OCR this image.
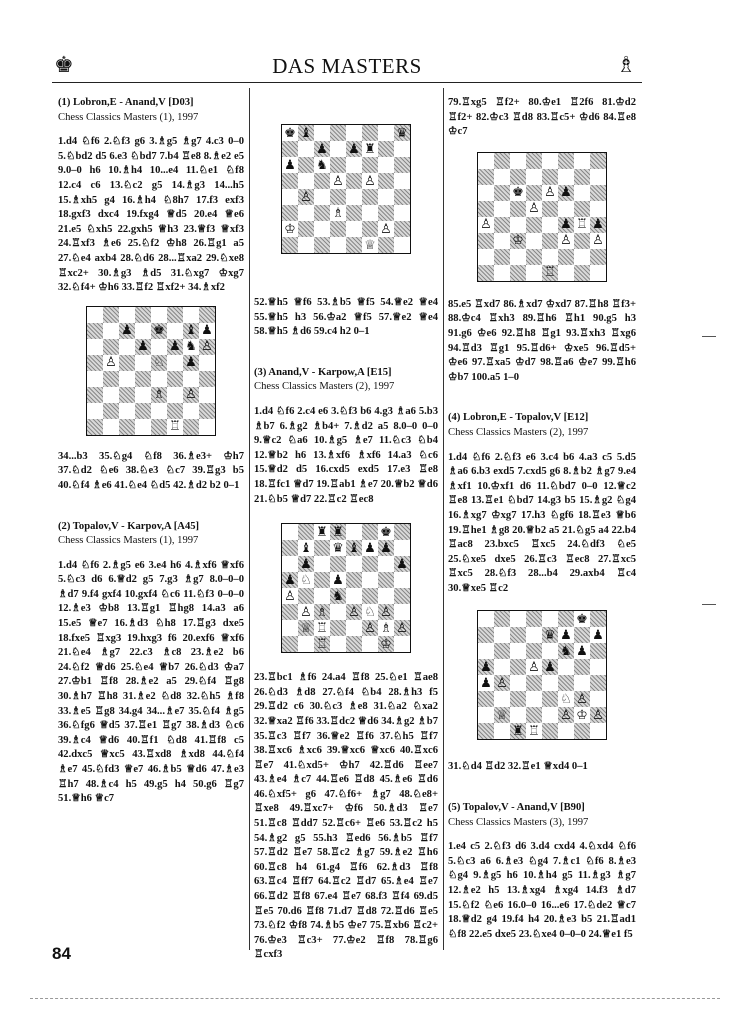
♚	DAS MASTERS	♗
(1) Lobron,E - Anand,V [D03]
Chess Classics Masters (1), 1997
1.d4 ♘f6 2.♘f3 g6 3.♗g5 ♗g7 4.c3 0–0 5.♘bd2 d5 6.e3 ♘bd7 7.b4 ♖e8 8.♗e2 e5 9.0–0 h6 10.♗h4 10...e4 11.♘e1 ♘f8 12.c4 c6 13.♘c2 g5 14.♗g3 14...h5 15.♗xh5 g4 16.♗h4 ♘8h7 17.f3 exf3 18.gxf3 dxc4 19.fxg4 ♕d5 20.e4 ♕e6 21.e5 ♘xh5 22.gxh5 ♕h3 23.♕f3 ♕xf3 24.♖xf3 ♗e6 25.♘f2 ♔h8 26.♖g1 a5 27.♘e4 axb4 28.♘d6 28...♖xa2 29.♘xe8 ♖xc2+ 30.♗g3 ♗d5 31.♘xg7 ♔xg7 32.♘f4+ ♔h6 33.♖f2 ♖xf2+ 34.♗xf2
♟ ♚ ♝ ♟
♟ ♟ ♞ ♙
♙	♘ ♟
♗ ♙
♖
34...b3 35.♘g4 ♘f8 36.♗e3+ ♔h7 37.♘d2 ♘e6 38.♘e3 ♘c7 39.♖g3 b5 40.♘f4 ♗e6 41.♘e4 ♘d5 42.♗d2 b2 0–1
(2) Topalov,V - Karpov,A [A45]
Chess Classics Masters (1), 1997
1.d4 ♘f6 2.♗g5 e6 3.e4 h6 4.♗xf6 ♕xf6 5.♘c3 d6 6.♕d2 g5 7.g3 ♗g7 8.0–0–0 ♗d7 9.f4 gxf4 10.gxf4 ♘c6 11.♘f3 0–0–0 12.♗e3 ♔b8 13.♖g1 ♖hg8 14.a3 a6 15.e5 ♕e7 16.♗d3 ♘h8 17.♖g3 dxe5 18.fxe5 ♖xg3 19.hxg3 f6 20.exf6 ♕xf6 21.♘e4 ♗g7 22.c3 ♗c8 23.♗e2 b6 24.♘f2 ♕d6 25.♘e4 ♕b7 26.♘d3 ♔a7 27.♔b1 ♖f8 28.♗e2 a5 29.♘f4 ♖g8 30.♗h7 ♖h8 31.♗e2 ♘d8 32.♘h5 ♗f8 33.♗e5 ♖g8 34.g4 34...♗e7 35.♘f4 ♗g5 36.♘fg6 ♕d5 37.♖e1 ♖g7 38.♗d3 ♘c6 39.♗c4 ♕d6 40.♖f1 ♘d8 41.♖f8 c5 42.dxc5 ♕xc5 43.♖xd8 ♗xd8 44.♘f4 ♗e7 45.♘fd3 ♕e7 46.♗b5 ♕d6 47.♗e3 ♖h7 48.♗c4 h5 49.g5 h4 50.g6 ♖g7 51.♕h6 ♕c7
♚ ♝	♛
♟ ♟ ♜
♟ ♞
♙ ♙
♙
♗
♔	♙
♕
52.♕h5 ♕f6 53.♗b5 ♕f5 54.♕e2 ♕e4 55.♕h5 h3 56.♔a2 ♕f5 57.♕e2 ♕e4 58.♕h5 ♗d6 59.c4 h2 0–1
(3) Anand,V - Karpow,A [E15]
Chess Classics Masters (2), 1997
1.d4 ♘f6 2.c4 e6 3.♘f3 b6 4.g3 ♗a6 5.b3 ♗b7 6.♗g2 ♗b4+ 7.♗d2 a5 8.0–0 0–0 9.♕c2 ♘a6 10.♗g5 ♗e7 11.♘c3 ♘b4 12.♕b2 h6 13.♗xf6 ♗xf6 14.a3 ♘c6 15.♕d2 d5 16.cxd5 exd5 17.e3 ♖e8 18.♖fc1 ♕d7 19.♖ab1 ♗e7 20.♕b2 ♕d6 21.♘b5 ♕d7 22.♖c2 ♖ec8
♜ ♜	♚
♝ ♛ ♝ ♟ ♟
♟	♟
♟ ♘ ♟
♙	♞
♙ ♗ ♙ ♘ ♙
♕ ♖	♙ ♗ ♙
♖	♔
23.♖bc1 ♗f6 24.a4 ♖f8 25.♘e1 ♖ae8 26.♘d3 ♗d8 27.♘f4 ♘b4 28.♗h3 f5 29.♖d2 c6 30.♘c3 ♗e8 31.♘a2 ♘xa2 32.♕xa2 ♖f6 33.♖dc2 ♕d6 34.♗g2 ♗b7 35.♖c3 ♖f7 36.♕e2 ♖f6 37.♘h5 ♖f7 38.♖xc6 ♗xc6 39.♕xc6 ♕xc6 40.♖xc6 ♖e7 41.♘xd5+ ♔h7 42.♖d6 ♖ee7 43.♗e4 ♗c7 44.♖e6 ♖d8 45.♗e6 ♖d6 46.♘xf5+ g6 47.♘f6+ ♗g7 48.♘e8+ ♖xe8 49.♖xc7+ ♔f6 50.♗d3 ♖e7 51.♖c8 ♖dd7 52.♖c6+ ♖e6 53.♖c2 h5 54.♗g2 g5 55.h3 ♖ed6 56.♗b5 ♖f7 57.♖d2 ♖e7 58.♖c2 ♗g7 59.♗e2 ♖h6 60.♖c8 h4 61.g4 ♖f6 62.♗d3 ♖f8 63.♖c4 ♖ff7 64.♖c2 ♖d7 65.♗e4 ♖e7 66.♖d2 ♖f8 67.e4 ♖e7 68.f3 ♖f4 69.d5 ♖e5 70.d6 ♖f8 71.d7 ♖d8 72.♖d6 ♖e5 73.♘f2 ♔f8 74.♗b5 ♔e7 75.♖xb6 ♖c2+ 76.♔e3 ♖c3+ 77.♔e2 ♖f8 78.♖g6 ♖cxf3
79.♖xg5 ♖f2+ 80.♔e1 ♖2f6 81.♔d2 ♖f2+ 82.♔c3 ♖d8 83.♖c5+ ♔d6 84.♖e8 ♔c7
♚ ♙ ♟
♙
♙	♟ ♖ ♟
♔	♙ ♙
♖
85.e5 ♖xd7 86.♗xd7 ♔xd7 87.♖h8 ♖f3+ 88.♔c4 ♖xh3 89.♖h6 ♖h1 90.g5 h3 91.g6 ♔e6 92.♖h8 ♖g1 93.♖xh3 ♖xg6 94.♖d3 ♖g1 95.♖d6+ ♔xe5 96.♖d5+ ♔e6 97.♖xa5 ♔d7 98.♖a6 ♔e7 99.♖h6 ♔b7 100.a5 1–0
(4) Lobron,E - Topalov,V [E12]
Chess Classics Masters (2), 1997
1.d4 ♘f6 2.♘f3 e6 3.c4 b6 4.a3 c5 5.d5 ♗a6 6.b3 exd5 7.cxd5 g6 8.♗b2 ♗g7 9.e4 ♗xf1 10.♔xf1 d6 11.♘bd7 0–0 12.♕c2 ♖e8 13.♖e1 ♘bd7 14.g3 b5 15.♗g2 ♘g4 16.♗xg7 ♔xg7 17.h3 ♘gf6 18.♖e3 ♕b6 19.♖he1 ♗g8 20.♕b2 a5 21.♘g5 a4 22.b4 ♖ac8 23.bxc5 ♖xc5 24.♘df3 ♘e5 25.♘xe5 dxe5 26.♖c3 ♖ec8 27.♖xc5 ♖xc5 28.♘f3 28...b4 29.axb4 ♖c4 30.♕xe5 ♖c2
♚
♛ ♟ ♟
♞ ♟
♟	♙ ♟
♟ ♙
♘ ♙
♕	♙ ♔ ♙
♜ ♖
31.♘d4 ♖d2 32.♖e1 ♕xd4 0–1
(5) Topalov,V - Anand,V [B90]
Chess Classics Masters (3), 1997
1.e4 c5 2.♘f3 d6 3.d4 cxd4 4.♘xd4 ♘f6 5.♘c3 a6 6.♗e3 ♘g4 7.♗c1 ♘f6 8.♗e3 ♘g4 9.♗g5 h6 10.♗h4 g5 11.♗g3 ♗g7 12.♗e2 h5 13.♗xg4 ♗xg4 14.f3 ♗d7 15.♘f2 ♘e6 16.0–0 16...e6 17.♘de2 ♕c7 18.♕d2 g4 19.f4 h4 20.♗e3 b5 21.♖ad1 ♘f8 22.e5 dxe5 23.♘xe4 0–0–0 24.♕e1 f5
84
